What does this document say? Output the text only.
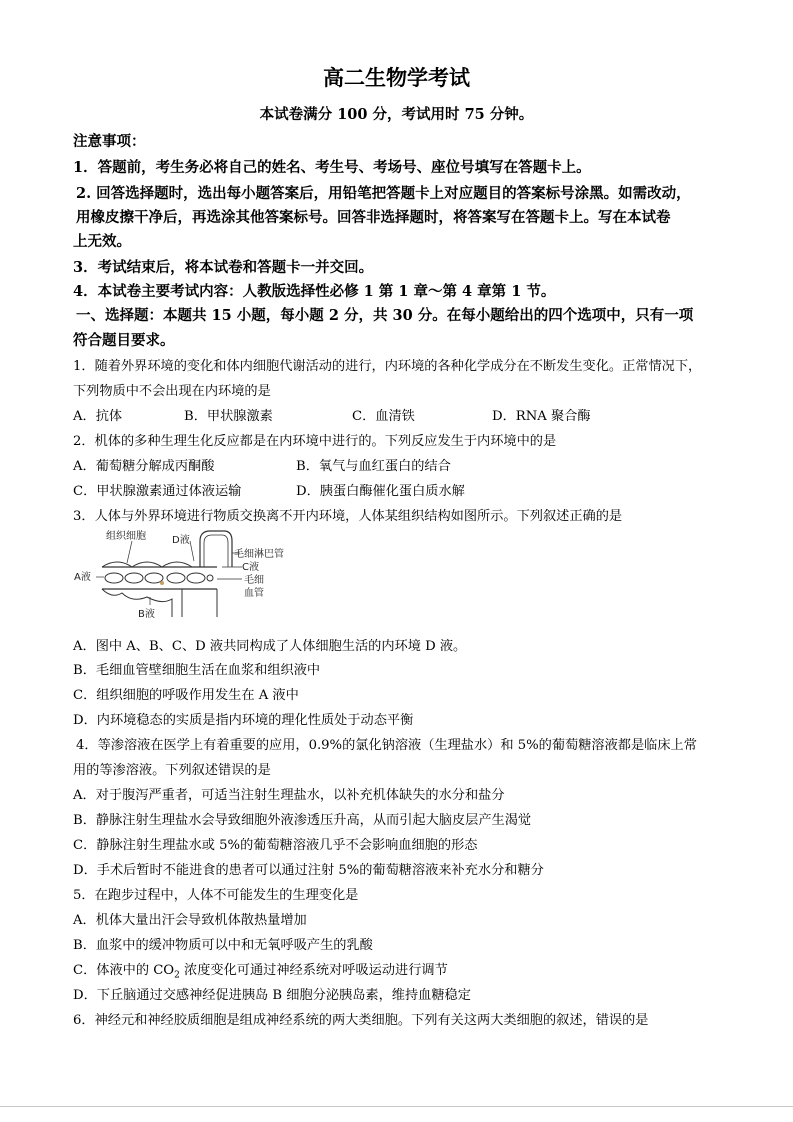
高二生物学考试
本试卷满分 100 分，考试用时 75 分钟。
注意事项：
1．答题前，考生务必将自己的姓名、考生号、考场号、座位号填写在答题卡上。
2. 回答选择题时，选出每小题答案后，用铅笔把答题卡上对应题目的答案标号涂黑。如需改动，
用橡皮擦干净后，再选涂其他答案标号。回答非选择题时，将答案写在答题卡上。写在本试卷
上无效。
3．考试结束后，将本试卷和答题卡一并交回。
4．本试卷主要考试内容：人教版选择性必修 1 第 1 章～第 4 章第 1 节。
一、选择题：本题共 15 小题，每小题 2 分，共 30 分。在每小题给出的四个选项中，只有一项
符合题目要求。
1．随着外界环境的变化和体内细胞代谢活动的进行，内环境的各种化学成分在不断发生变化。正常情况下，
下列物质中不会出现在内环境的是
A．抗体	B．甲状腺激素	C．血清铁	D．RNA 聚合酶
2．机体的多种生理生化反应都是在内环境中进行的。下列反应发生于内环境中的是
A．葡萄糖分解成丙酮酸	B．氧气与血红蛋白的结合
C．甲状腺激素通过体液运输	D．胰蛋白酶催化蛋白质水解
3．人体与外界环境进行物质交换离不开内环境，人体某组织结构如图所示。下列叙述正确的是
组织细胞	D液
毛细淋巴管
C液
毛细
血管
A液
B液
A．图中 A、B、C、D 液共同构成了人体细胞生活的内环境 D 液。
B．毛细血管壁细胞生活在血浆和组织液中
C．组织细胞的呼吸作用发生在 A 液中
D．内环境稳态的实质是指内环境的理化性质处于动态平衡
4．等渗溶液在医学上有着重要的应用，0.9%的氯化钠溶液（生理盐水）和 5%的葡萄糖溶液都是临床上常
用的等渗溶液。下列叙述错误的是
A．对于腹泻严重者，可适当注射生理盐水，以补充机体缺失的水分和盐分
B．静脉注射生理盐水会导致细胞外液渗透压升高，从而引起大脑皮层产生渴觉
C．静脉注射生理盐水或 5%的葡萄糖溶液几乎不会影响血细胞的形态
D．手术后暂时不能进食的患者可以通过注射 5%的葡萄糖溶液来补充水分和糖分
5．在跑步过程中，人体不可能发生的生理变化是
A．机体大量出汗会导致机体散热量增加
B．血浆中的缓冲物质可以中和无氧呼吸产生的乳酸
C．体液中的 $CO_2$ 浓度变化可通过神经系统对呼吸运动进行调节
D．下丘脑通过交感神经促进胰岛 B 细胞分泌胰岛素，维持血糖稳定
6．神经元和神经胶质细胞是组成神经系统的两大类细胞。下列有关这两大类细胞的叙述，错误的是
